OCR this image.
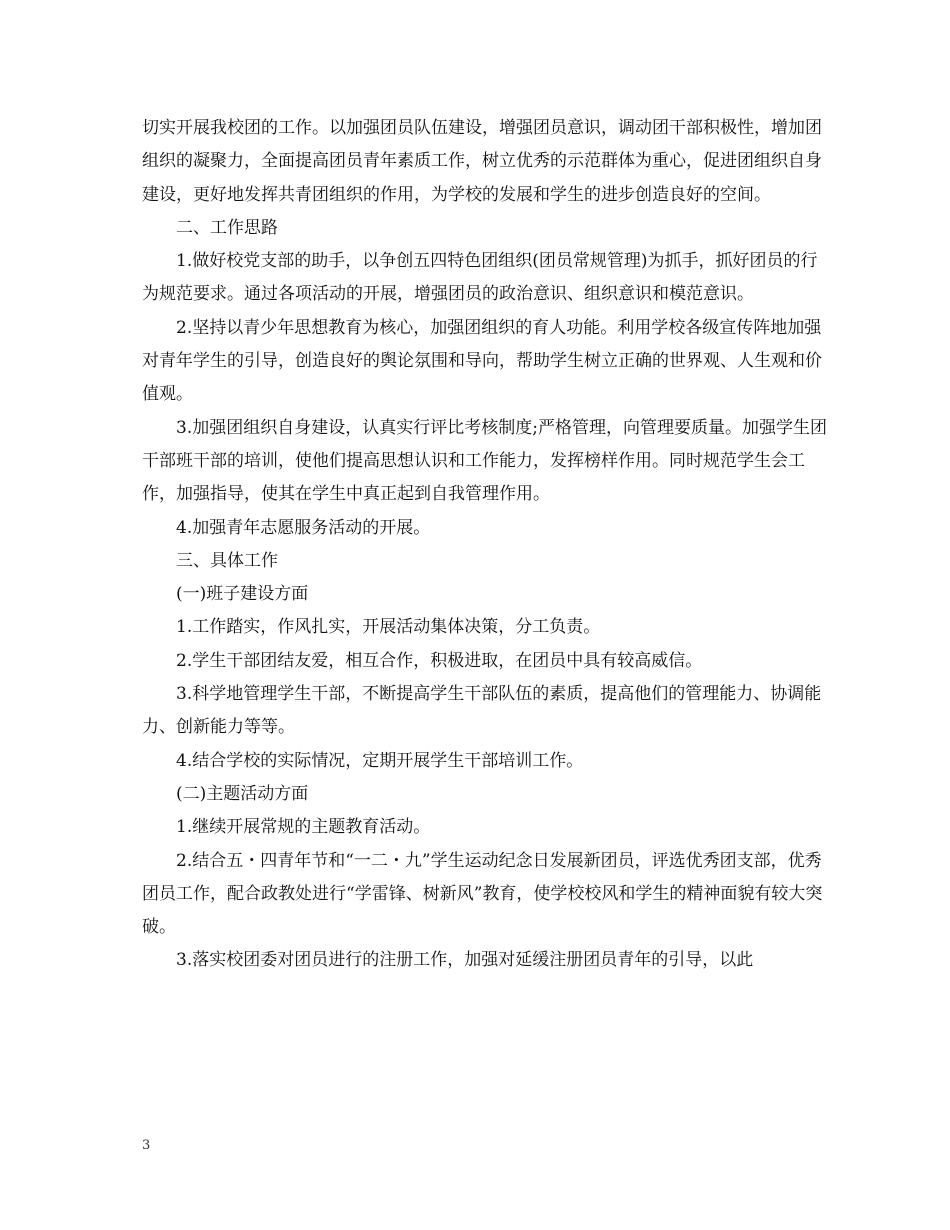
切实开展我校团的工作。以加强团员队伍建设，增强团员意识，调动团干部积极性，增加团组织的凝聚力，全面提高团员青年素质工作，树立优秀的示范群体为重心，促进团组织自身建设，更好地发挥共青团组织的作用，为学校的发展和学生的进步创造良好的空间。

二、工作思路

1.做好校党支部的助手，以争创五四特色团组织(团员常规管理)为抓手，抓好团员的行为规范要求。通过各项活动的开展，增强团员的政治意识、组织意识和模范意识。

2.坚持以青少年思想教育为核心，加强团组织的育人功能。利用学校各级宣传阵地加强对青年学生的引导，创造良好的舆论氛围和导向，帮助学生树立正确的世界观、人生观和价值观。

3.加强团组织自身建设，认真实行评比考核制度;严格管理，向管理要质量。加强学生团干部班干部的培训，使他们提高思想认识和工作能力，发挥榜样作用。同时规范学生会工作，加强指导，使其在学生中真正起到自我管理作用。

4.加强青年志愿服务活动的开展。

三、具体工作

(一)班子建设方面

1.工作踏实，作风扎实，开展活动集体决策，分工负责。

2.学生干部团结友爱，相互合作，积极进取，在团员中具有较高威信。

3.科学地管理学生干部，不断提高学生干部队伍的素质，提高他们的管理能力、协调能力、创新能力等等。

4.结合学校的实际情况，定期开展学生干部培训工作。

(二)主题活动方面

1.继续开展常规的主题教育活动。

2.结合五・四青年节和“一二・九”学生运动纪念日发展新团员，评选优秀团支部，优秀团员工作，配合政教处进行“学雷锋、树新风”教育，使学校校风和学生的精神面貌有较大突破。

3.落实校团委对团员进行的注册工作，加强对延缓注册团员青年的引导，以此

3
